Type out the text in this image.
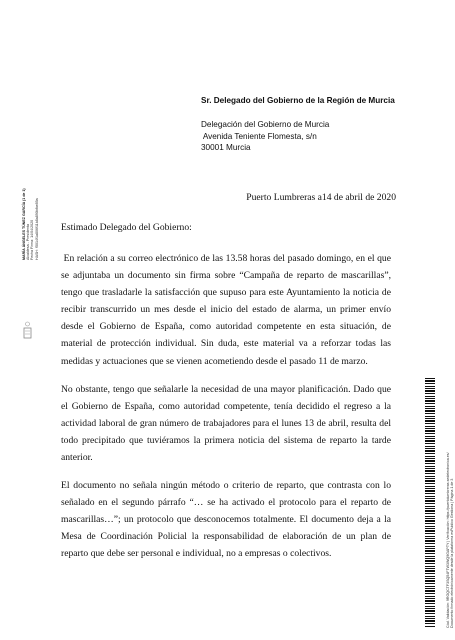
MARÍA ÁNGELES TÚNEZ GARCÍA (1 de 1) Alcaldesa - Presidenta Fecha Firma: 14/04/2020 HASH: f5014f1a806f11b8a890bfbe89a
Cód. Validación: 9RGQCTF3SQ54FTW3WQ9GAPTY | Verificación: https://puertolumbreras.sedelectronica.es/ Documento firmado electrónicamente desde la plataforma esPublico Gestiona | Página 1 de 3
Sr. Delegado del Gobierno de la Región de Murcia
Delegación del Gobierno de Murcia
Avenida Teniente Flomesta, s/n
30001 Murcia
Puerto Lumbreras a14 de abril de 2020
Estimado Delegado del Gobierno:

En relación a su correo electrónico de las 13.58 horas del pasado domingo, en el que se adjuntaba un documento sin firma sobre “Campaña de reparto de mascarillas”, tengo que trasladarle la satisfacción que supuso para este Ayuntamiento la noticia de recibir transcurrido un mes desde el inicio del estado de alarma, un primer envío desde el Gobierno de España, como autoridad competente en esta situación, de material de protección individual. Sin duda, este material va a reforzar todas las medidas y actuaciones que se vienen acometiendo desde el pasado 11 de marzo.

No obstante, tengo que señalarle la necesidad de una mayor planificación. Dado que el Gobierno de España, como autoridad competente, tenía decidido el regreso a la actividad laboral de gran número de trabajadores para el lunes 13 de abril, resulta del todo precipitado que tuviéramos la primera noticia del sistema de reparto la tarde anterior.

El documento no señala ningún método o criterio de reparto, que contrasta con lo señalado en el segundo párrafo “… se ha activado el protocolo para el reparto de mascarillas…”; un protocolo que desconocemos totalmente. El documento deja a la Mesa de Coordinación Policial la responsabilidad de elaboración de un plan de reparto que debe ser personal e individual, no a empresas o colectivos.
